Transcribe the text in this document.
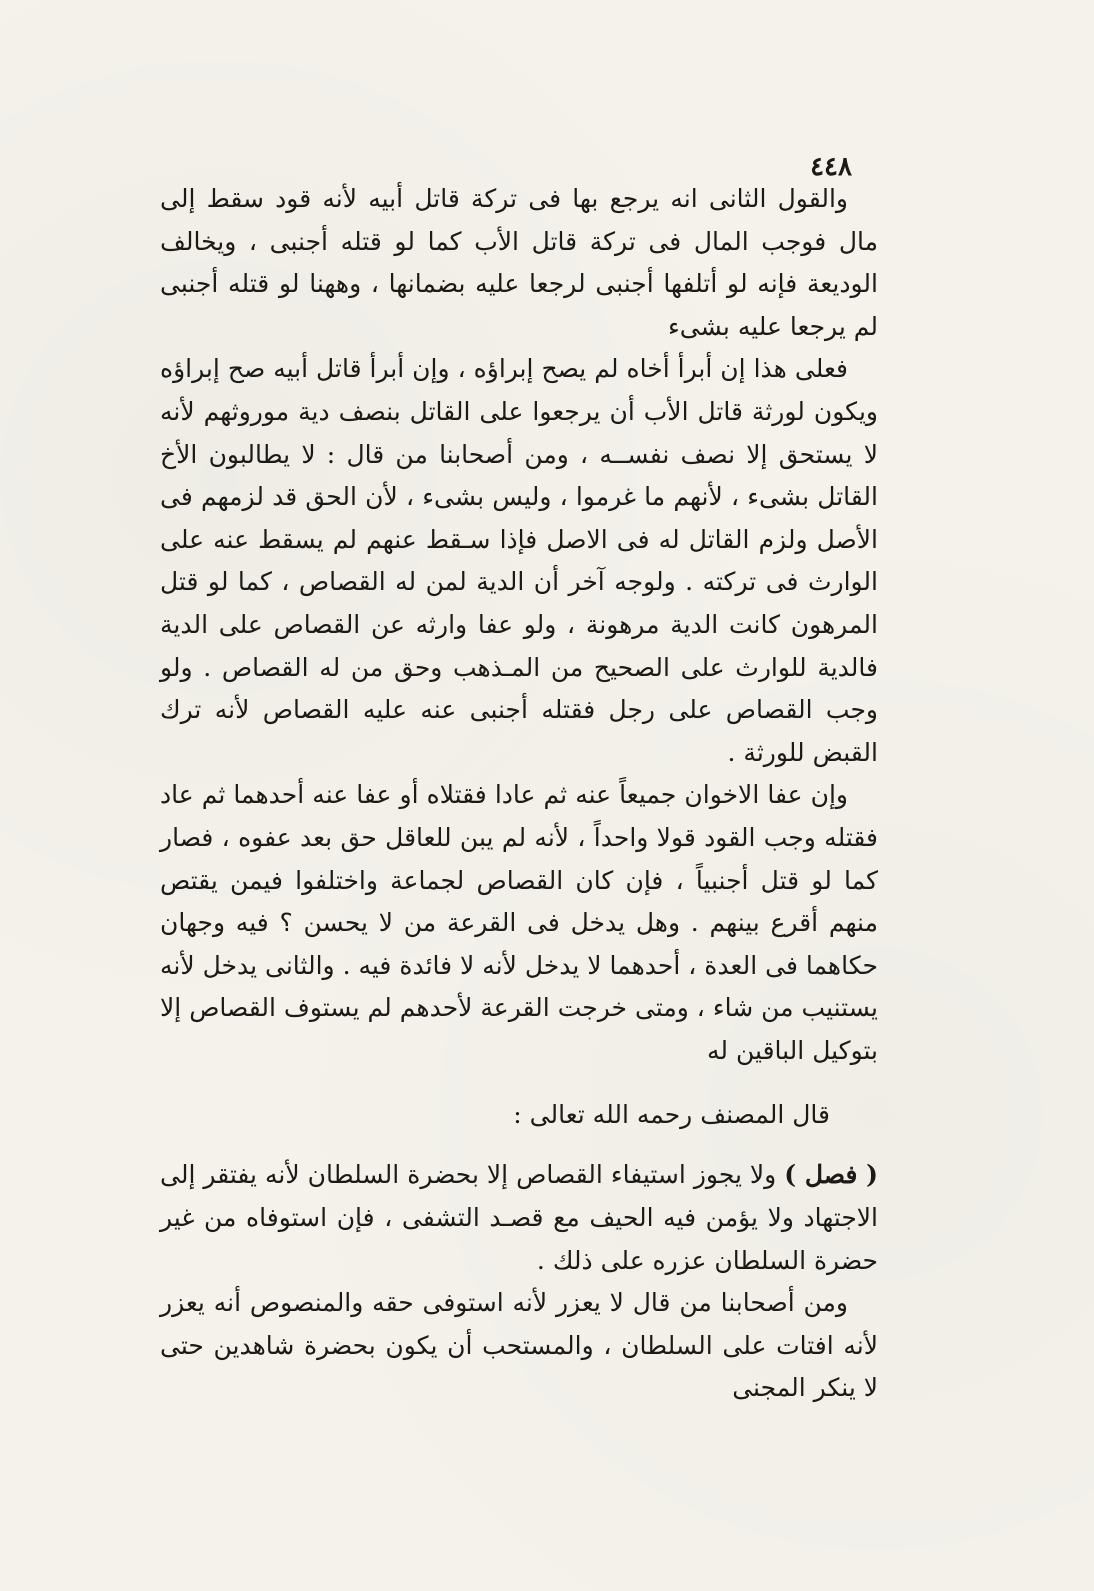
٤٤٨

والقول الثانى انه يرجع بها فى تركة قاتل أبيه لأنه قود سقط إلى مال فوجب المال فى تركة قاتل الأب كما لو قتله أجنبى ، ويخالف الوديعة فإنه لو أتلفها أجنبى لرجعا عليه بضمانها ، وههنا لو قتله أجنبى لم يرجعا عليه بشىء

فعلى هذا إن أبرأ أخاه لم يصح إبراؤه ، وإن أبرأ قاتل أبيه صح إبراؤه ويكون لورثة قاتل الأب أن يرجعوا على القاتل بنصف دية موروثهم لأنه لا يستحق إلا نصف نفســه ، ومن أصحابنا من قال : لا يطالبون الأخ القاتل بشىء ، لأنهم ما غرموا ، وليس بشىء ، لأن الحق قد لزمهم فى الأصل ولزم القاتل له فى الاصل فإذا سـقط عنهم لم يسقط عنه على الوارث فى تركته . ولوجه آخر أن الدية لمن له القصاص ، كما لو قتل المرهون كانت الدية مرهونة ، ولو عفا وارثه عن القصاص على الدية فالدية للوارث على الصحيح من المـذهب وحق من له القصاص . ولو وجب القصاص على رجل فقتله أجنبى عنه عليه القصاص لأنه ترك القبض للورثة .

وإن عفا الاخوان جميعاً عنه ثم عادا فقتلاه أو عفا عنه أحدهما ثم عاد فقتله وجب القود قولا واحداً ، لأنه لم يبن للعاقل حق بعد عفوه ، فصار كما لو قتل أجنبياً ، فإن كان القصاص لجماعة واختلفوا فيمن يقتص منهم أقرع بينهم . وهل يدخل فى القرعة من لا يحسن ؟ فيه وجهان حكاهما فى العدة ، أحدهما لا يدخل لأنه لا فائدة فيه . والثانى يدخل لأنه يستنيب من شاء ، ومتى خرجت القرعة لأحدهم لم يستوف القصاص إلا بتوكيل الباقين له

قال المصنف رحمه الله تعالى :

( فصل ) ولا يجوز استيفاء القصاص إلا بحضرة السلطان لأنه يفتقر إلى الاجتهاد ولا يؤمن فيه الحيف مع قصـد التشفى ، فإن استوفاه من غير حضرة السلطان عزره على ذلك .

ومن أصحابنا من قال لا يعزر لأنه استوفى حقه والمنصوص أنه يعزر لأنه افتات على السلطان ، والمستحب أن يكون بحضرة شاهدين حتى لا ينكر المجنى
